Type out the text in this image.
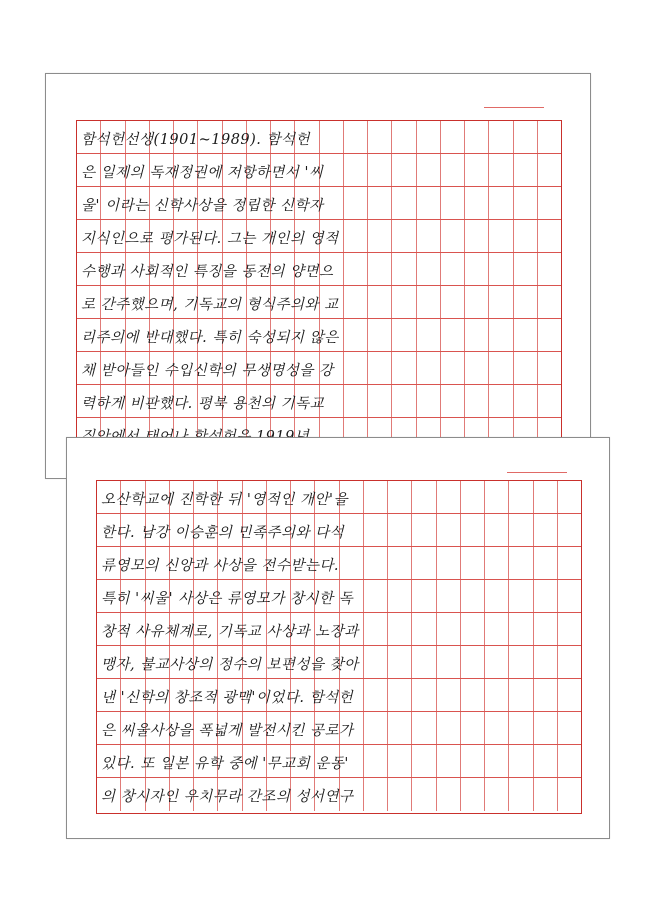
함석헌선생(1901~1989). 함석헌
은 일제의 독재정권에 저항하면서 '씨
울' 이라는 신학사상을 정립한 신학자
지식인으로 평가된다. 그는 개인의 영적
수행과 사회적인 특징을 동전의 양면으
로 간주했으며, 기독교의 형식주의와 교
리주의에 반대했다. 특히 숙성되지 않은
채 받아들인 수입신학의 무생명성을 강
력하게 비판했다. 평북 용천의 기독교
오산학교에 진학한 뒤 '영적인 개안'을
한다. 남강 이승훈의 민족주의와 다석
류영모의 신앙과 사상을 전수받는다.
특히 '씨울' 사상은 류영모가 창시한 독
창적 사유체계로, 기독교 사상과 노장과
맹자, 불교사상의 정수의 보편성을 찾아
낸 '신학의 창조적 광맥'이었다. 함석헌
은 씨울사상을 폭넓게 발전시킨 공로가
있다. 또 일본 유학 중에 '무교회 운동'
의 창시자인 우치무라 간조의 성서연구
